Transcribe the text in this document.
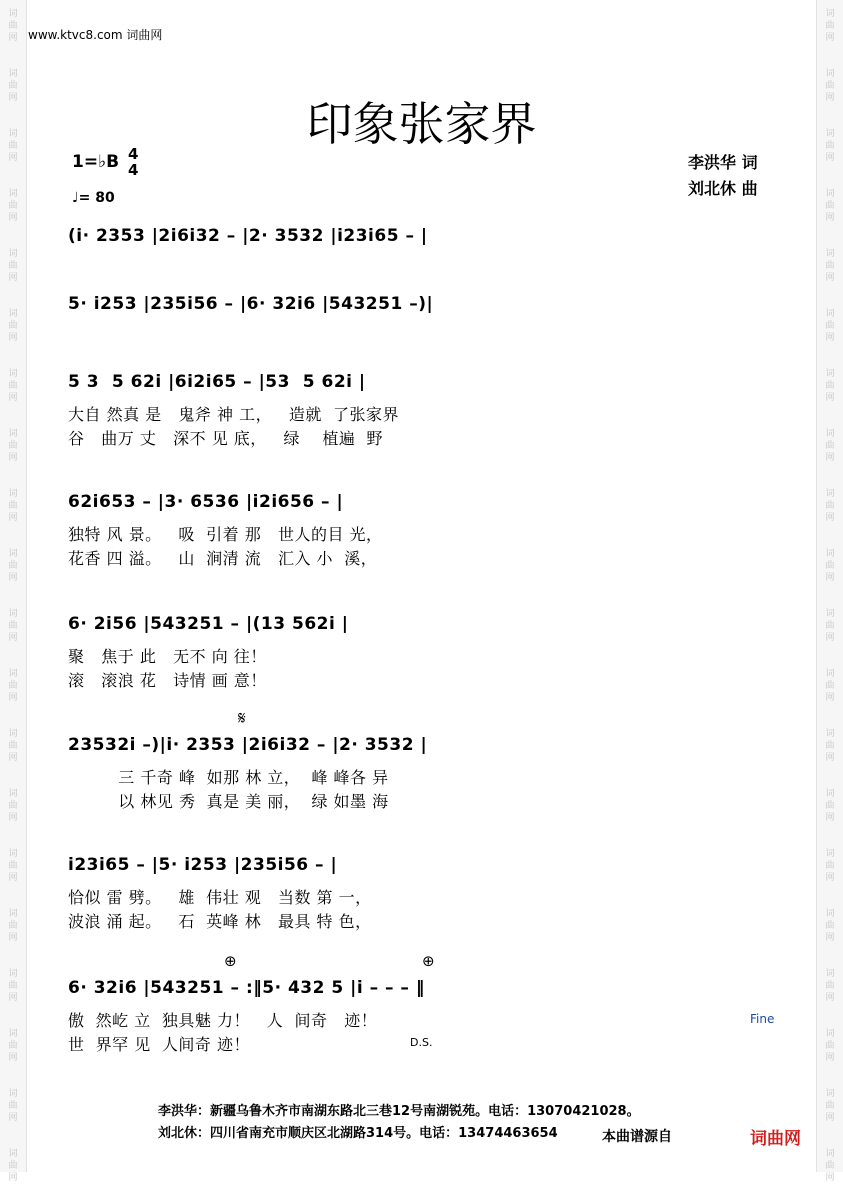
词
曲
网
词
曲
网
词
曲
网
词
曲
网
词
曲
网
词
曲
网
词
曲
网
词
曲
网
词
曲
网
词
曲
网
词
曲
网
词
曲
网
词
曲
网
词
曲
网
词
曲
网
词
曲
网
词
曲
网
词
曲
网
词
曲
网
词
曲
网
词
曲
网
词
曲
网
词
曲
网
词
曲
网
词
曲
网
词
曲
网
词
曲
网
词
曲
网
词
曲
网
词
曲
网
词
曲
网
词
曲
网
词
曲
网
词
曲
网
词
曲
网
词
曲
网
词
曲
网
词
曲
网
词
曲
网
词
曲
网
www.ktvc8.com 词曲网
印象张家界
1=♭B 4
4
♩= 80
李洪华 词
刘北休 曲
(i· 2353 |2i6i32 – |2· 3532 |i23i65 – |
5· i253 |235i56 – |6· 32i6 |543251 –)|
5 3  5 62i |6i2i65 – |53  5 62i |
大自 然真 是   鬼斧 神 工，   造就  了张家界
谷   曲万 丈   深不 见 底，   绿    植遍  野
62i653 – |3· 6536 |i2i656 – |
独特 风 景。   吸  引着 那   世人的目 光，
花香 四 溢。   山  涧清 流   汇入 小  溪，
6· 2i56 |543251 – |(13 562i |
聚   焦于 此   无不 向 往！
滚   滚浪 花   诗情 画 意！
𝄋
23532i –)|i· 2353 |2i6i32 – |2· 3532 |
三 千奇 峰  如那 林 立，  峰 峰各 异
以 林见 秀  真是 美 丽，  绿 如墨 海
i23i65 – |5· i253 |235i56 – |
恰似 雷 劈。   雄  伟壮 观   当数 第 一，
波浪 涌 起。   石  英峰 林   最具 特 色，
⊕	⊕
6· 32i6 |543251 – :‖5· 432 5 |i – – – ‖
傲  然屹 立  独具魅 力！   人  间奇   迹！
世  界罕 见  人间奇 迹！
Fine
D.S.
李洪华：新疆乌鲁木齐市南湖东路北三巷12号南湖锐苑。电话：13070421028。
刘北休：四川省南充市顺庆区北湖路314号。电话：13474463654	本曲谱源自	词曲网
